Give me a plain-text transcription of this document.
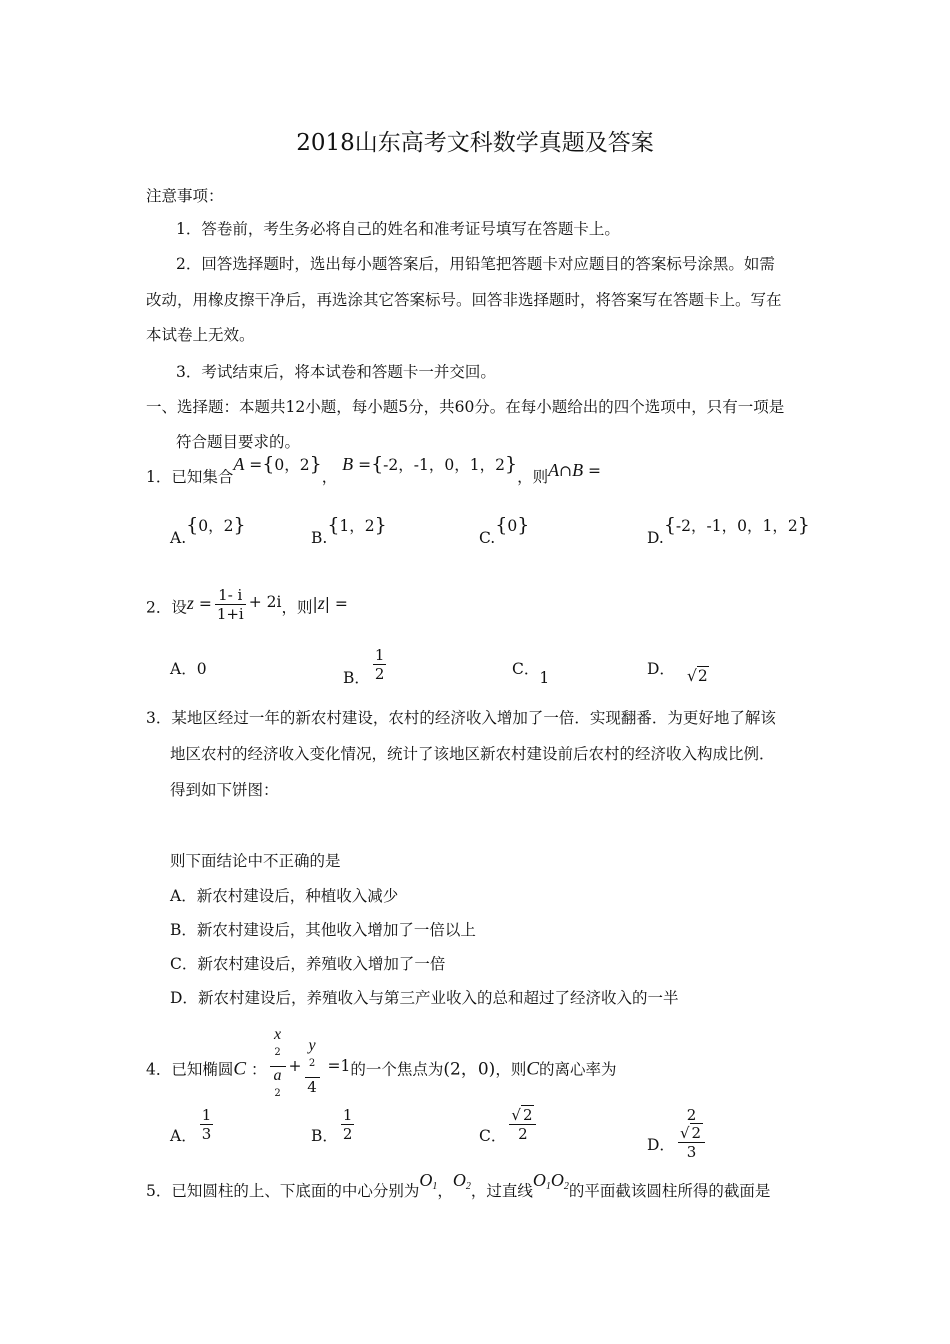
2018山东高考文科数学真题及答案
注意事项：
1．答卷前，考生务必将自己的姓名和准考证号填写在答题卡上。
2．回答选择题时，选出每小题答案后，用铅笔把答题卡对应题目的答案标号涂黑。如需
改动，用橡皮擦干净后，再选涂其它答案标号。回答非选择题时，将答案写在答题卡上。写在
本试卷上无效。
3．考试结束后，将本试卷和答题卡一并交回。
一、选择题：本题共12小题，每小题5分，共60分。在每小题给出的四个选项中，只有一项是
符合题目要求的。
1．已知集合A ={0，2}， B ={-2，-1，0，1，2}，则A∩B =
A.{0，2}
B.{1，2}
C.{0}
D.{-2，-1，0，1，2}
2．设$z = \frac{1- i}{1+i} + 2i$，则|z| =
A．0	B． $\frac{1}{2}$	C．1	D． √2
3．某地区经过一年的新农村建设，农村的经济收入增加了一倍．实现翻番．为更好地了解该
地区农村的经济收入变化情况，统计了该地区新农村建设前后农村的经济收入构成比例．
得到如下饼图：
则下面结论中不正确的是
A．新农村建设后，种植收入减少
B．新农村建设后，其他收入增加了一倍以上
C．新农村建设后，养殖收入增加了一倍
D．新农村建设后，养殖收入与第三产业收入的总和超过了经济收入的一半
4．已知椭圆C ： x
$^2$
a
$^2$ + y
$^2$
4 =1的一个焦点为(2，0)，则C的离心率为
A． $\frac{1}{3}$	B． $\frac{1}{2}$	C． $\frac{√ 2}{2}$
D． 2
√ 2
3
5．已知圆柱的上、下底面的中心分别为$O_1$，$O_2$，过直线$O_1O_2$的平面截该圆柱所得的截面是
